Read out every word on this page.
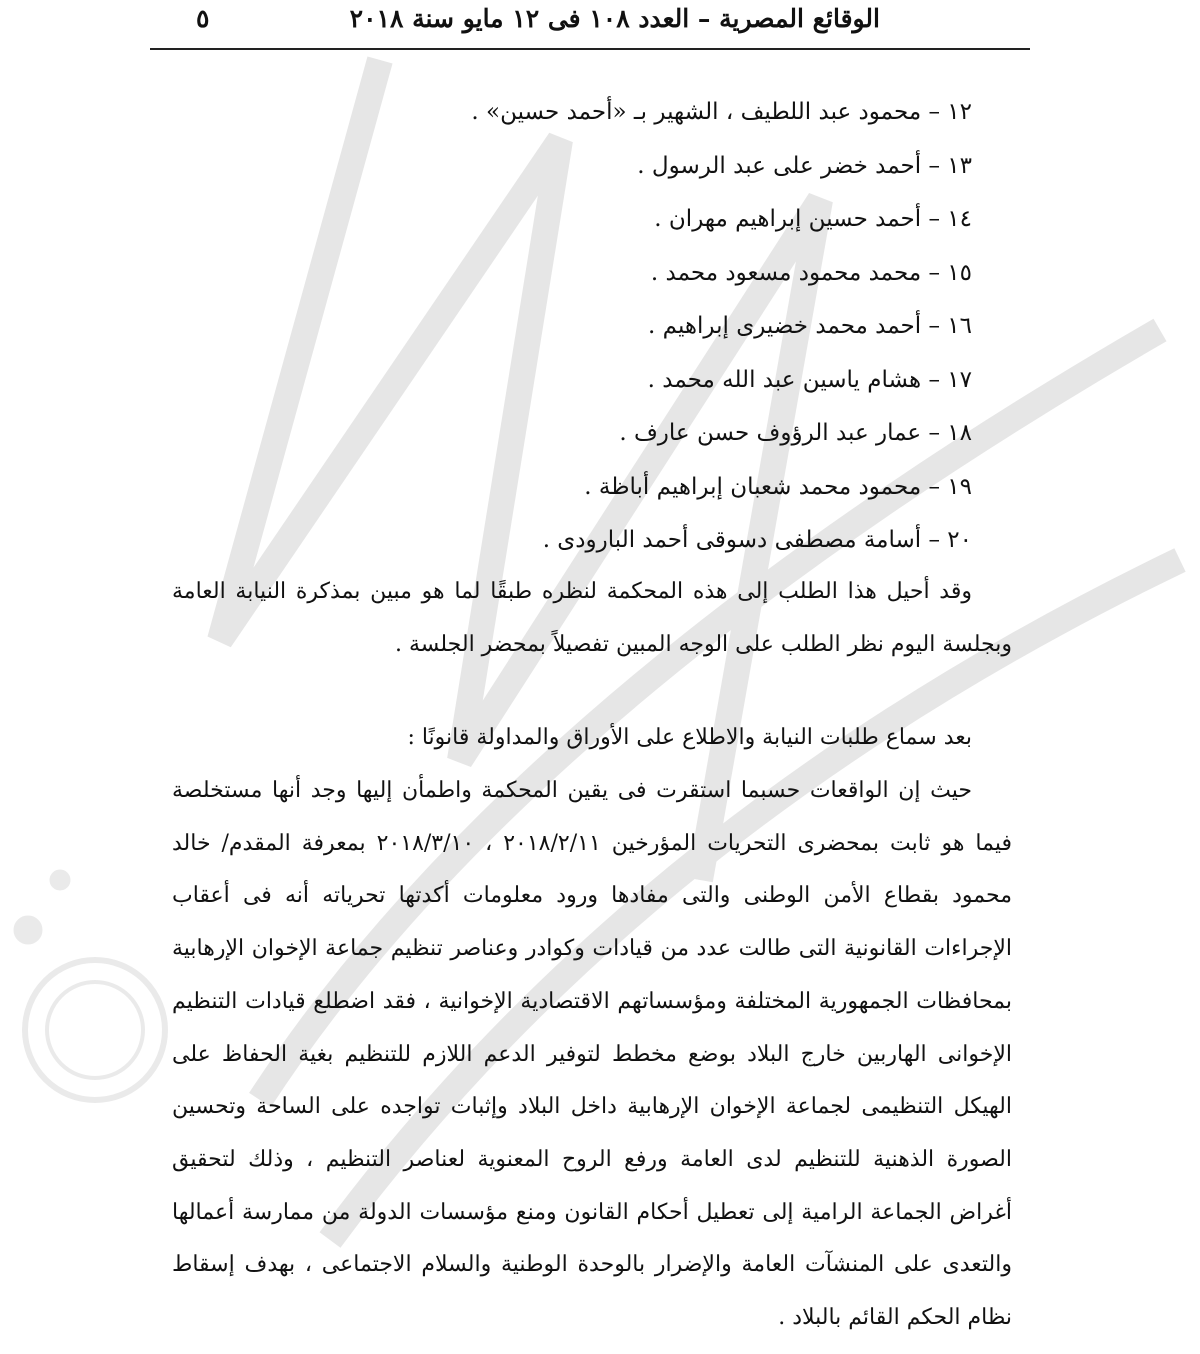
الوقائع المصرية – العدد ١٠٨ فى ١٢ مايو سنة ٢٠١٨
٥
١٢ – محمود عبد اللطيف ، الشهير بـ «أحمد حسين» .
١٣ – أحمد خضر على عبد الرسول .
١٤ – أحمد حسين إبراهيم مهران .
١٥ – محمد محمود مسعود محمد .
١٦ – أحمد محمد خضيرى إبراهيم .
١٧ – هشام ياسين عبد الله محمد .
١٨ – عمار عبد الرؤوف حسن عارف .
١٩ – محمود محمد شعبان إبراهيم أباظة .
٢٠ – أسامة مصطفى دسوقى أحمد البارودى .

وقد أحيل هذا الطلب إلى هذه المحكمة لنظره طبقًا لما هو مبين بمذكرة النيابة العامة وبجلسة اليوم نظر الطلب على الوجه المبين تفصيلاً بمحضر الجلسة .

بعد سماع طلبات النيابة والاطلاع على الأوراق والمداولة قانونًا :

حيث إن الواقعات حسبما استقرت فى يقين المحكمة واطمأن إليها وجد أنها مستخلصة فيما هو ثابت بمحضرى التحريات المؤرخين ٢٠١٨/٢/١١ ، ٢٠١٨/٣/١٠ بمعرفة المقدم/ خالد محمود بقطاع الأمن الوطنى والتى مفادها ورود معلومات أكدتها تحرياته أنه فى أعقاب الإجراءات القانونية التى طالت عدد من قيادات وكوادر وعناصر تنظيم جماعة الإخوان الإرهابية بمحافظات الجمهورية المختلفة ومؤسساتهم الاقتصادية الإخوانية ، فقد اضطلع قيادات التنظيم الإخوانى الهاربين خارج البلاد بوضع مخطط لتوفير الدعم اللازم للتنظيم بغية الحفاظ على الهيكل التنظيمى لجماعة الإخوان الإرهابية داخل البلاد وإثبات تواجده على الساحة وتحسين الصورة الذهنية للتنظيم لدى العامة ورفع الروح المعنوية لعناصر التنظيم ، وذلك لتحقيق أغراض الجماعة الرامية إلى تعطيل أحكام القانون ومنع مؤسسات الدولة من ممارسة أعمالها والتعدى على المنشآت العامة والإضرار بالوحدة الوطنية والسلام الاجتماعى ، بهدف إسقاط نظام الحكم القائم بالبلاد .
